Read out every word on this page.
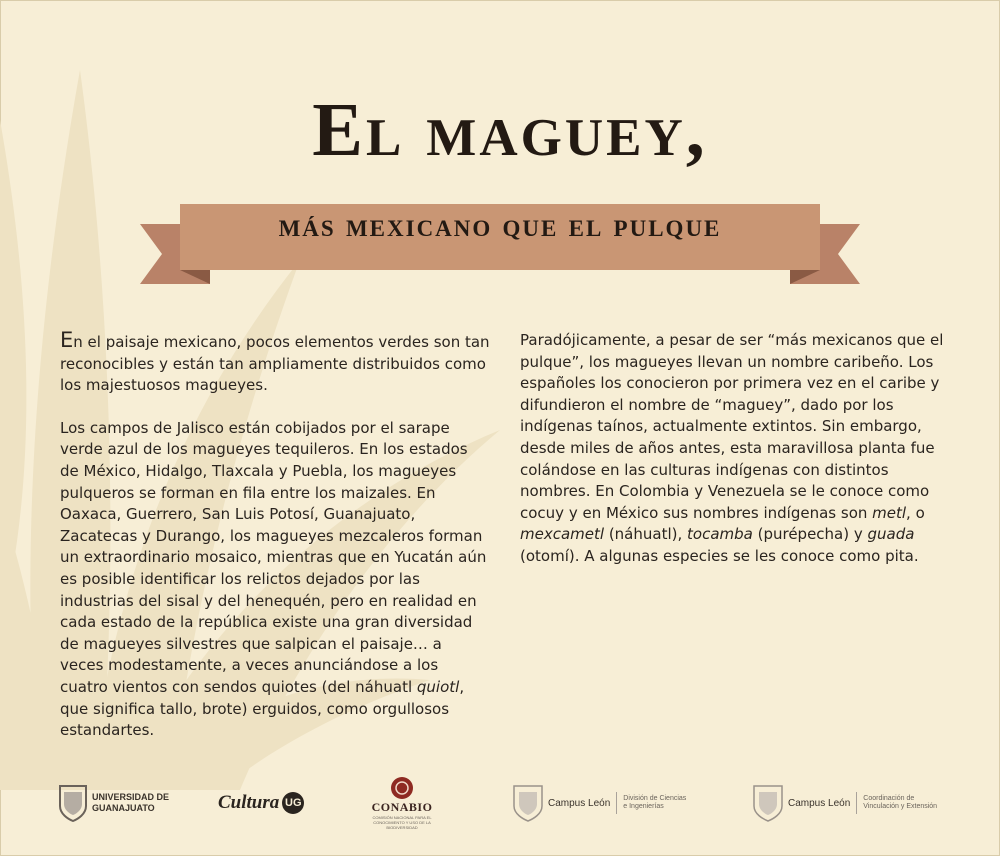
El maguey,
más mexicano que el pulque

En el paisaje mexicano, pocos elementos verdes son tan reconocibles y están tan ampliamente distribuidos como los majestuosos magueyes.

Los campos de Jalisco están cobijados por el sarape verde azul de los magueyes tequileros. En los estados de México, Hidalgo, Tlaxcala y Puebla, los magueyes pulqueros se forman en fila entre los maizales. En Oaxaca, Guerrero, San Luis Potosí, Guanajuato, Zacatecas y Durango, los magueyes mezcaleros forman un extraordinario mosaico, mientras que en Yucatán aún es posible identificar los relictos dejados por las industrias del sisal y del henequén, pero en realidad en cada estado de la república existe una gran diversidad de magueyes silvestres que salpican el paisaje… a veces modestamente, a veces anunciándose a los cuatro vientos con sendos quiotes (del náhuatl quiotl, que significa tallo, brote) erguidos, como orgullosos estandartes.

Paradójicamente, a pesar de ser “más mexicanos que el pulque”, los magueyes llevan un nombre caribeño. Los españoles los conocieron por primera vez en el caribe y difundieron el nombre de “maguey”, dado por los indígenas taínos, actualmente extintos. Sin embargo, desde miles de años antes, esta maravillosa planta fue colándose en las culturas indígenas con distintos nombres. En Colombia y Venezuela se le conoce como cocuy y en México sus nombres indígenas son metl, o mexcametl (náhuatl), tocamba (purépecha) y guada (otomí). A algunas especies se les conoce como pita.

UNIVERSIDAD DE
GUANAJUATO	Cultura UG	CONABIO
COMISIÓN NACIONAL PARA EL CONOCIMIENTO Y USO DE LA BIODIVERSIDAD
Campus León División de Ciencias
e Ingenierías	Campus León Coordinación de
Vinculación y Extensión
